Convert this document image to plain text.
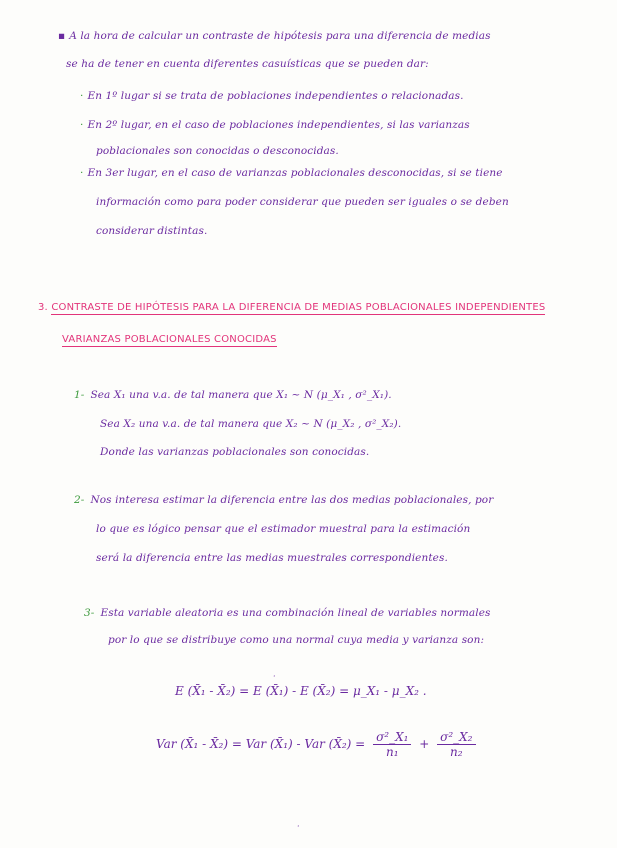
▪ A la hora de calcular un contraste de hipótesis para una diferencia de medias

se ha de tener en cuenta diferentes casuísticas que se pueden dar:

· En 1º lugar si se trata de poblaciones independientes o relacionadas.

· En 2º lugar, en el caso de poblaciones independientes, si las varianzas

poblacionales son conocidas o desconocidas.

· En 3er lugar, en el caso de varianzas poblacionales desconocidas, si se tiene

información como para poder considerar que pueden ser iguales o se deben

considerar distintas.

3. CONTRASTE DE HIPÓTESIS PARA LA DIFERENCIA DE MEDIAS POBLACIONALES INDEPENDIENTES

VARIANZAS POBLACIONALES CONOCIDAS

1- Sea X₁ una v.a. de tal manera que X₁ ~ N (μ_X₁ , σ²_X₁).

Sea X₂ una v.a. de tal manera que X₂ ~ N (μ_X₂ , σ²_X₂).

Donde las varianzas poblacionales son conocidas.

2- Nos interesa estimar la diferencia entre las dos medias poblacionales, por

lo que es lógico pensar que el estimador muestral para la estimación

será la diferencia entre las medias muestrales correspondientes.

3- Esta variable aleatoria es una combinación lineal de variables normales

por lo que se distribuye como una normal cuya media y varianza son:

·
E (X̄₁ - X̄₂) = E (X̄₁) - E (X̄₂) = μ_X₁ - μ_X₂ .
Var (X̄₁ - X̄₂) = Var (X̄₁) - Var (X̄₂) = $\frac{\text{σ²\_X₁}}{\text{n₁}} + \frac{\text{σ²\_X₂}}{\text{n₂}}$
·
